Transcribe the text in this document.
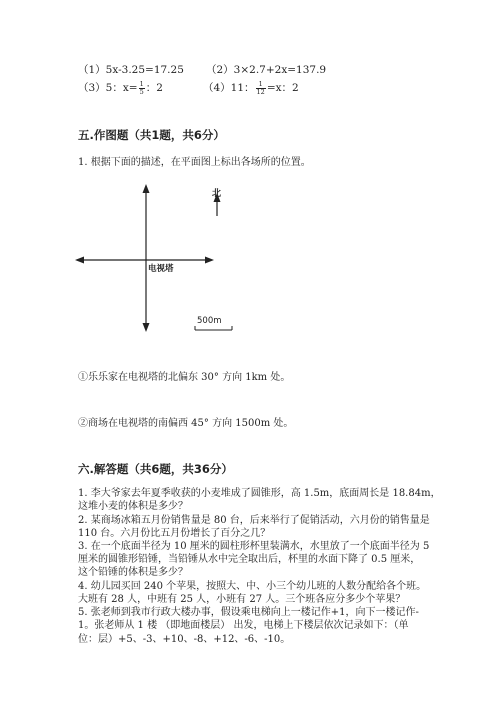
（1）5x-3.25=17.25 （2）3×2.7+2x=137.9
（3）5：$x= \frac{1}{5}$ ：2	（4）11： $\frac{1}{12} =x$：2
五.作图题（共1题，共6分）
1. 根据下面的描述，在平面图上标出各场所的位置。
北
电视塔
500m
①乐乐家在电视塔的北偏东 30° 方向 1km 处。
②商场在电视塔的南偏西 45° 方向 1500m 处。
六.解答题（共6题，共36分）
1. 李大爷家去年夏季收获的小麦堆成了圆锥形，高 1.5m，底面周长是 18.84m，
这堆小麦的体积是多少？
2. 某商场冰箱五月份销售量是 80 台，后来举行了促销活动，六月份的销售量是
110 台。六月份比五月份增长了百分之几？
3. 在一个底面半径为 10 厘米的圆柱形杯里装满水，水里放了一个底面半径为 5
厘米的圆锥形铅锤，当铅锤从水中完全取出后，杯里的水面下降了 0.5 厘米，
这个铅锤的体积是多少？
4. 幼儿园买回 240 个苹果，按照大、中、小三个幼儿班的人数分配给各个班。
大班有 28 人，中班有 25 人，小班有 27 人。三个班各应分多少个苹果？
5. 张老师到我市行政大楼办事，假设乘电梯向上一楼记作+1，向下一楼记作-
1。张老师从 1 楼 （即地面楼层） 出发，电梯上下楼层依次记录如下：（单
位：层）+5、-3、+10、-8、+12、-6、-10。
